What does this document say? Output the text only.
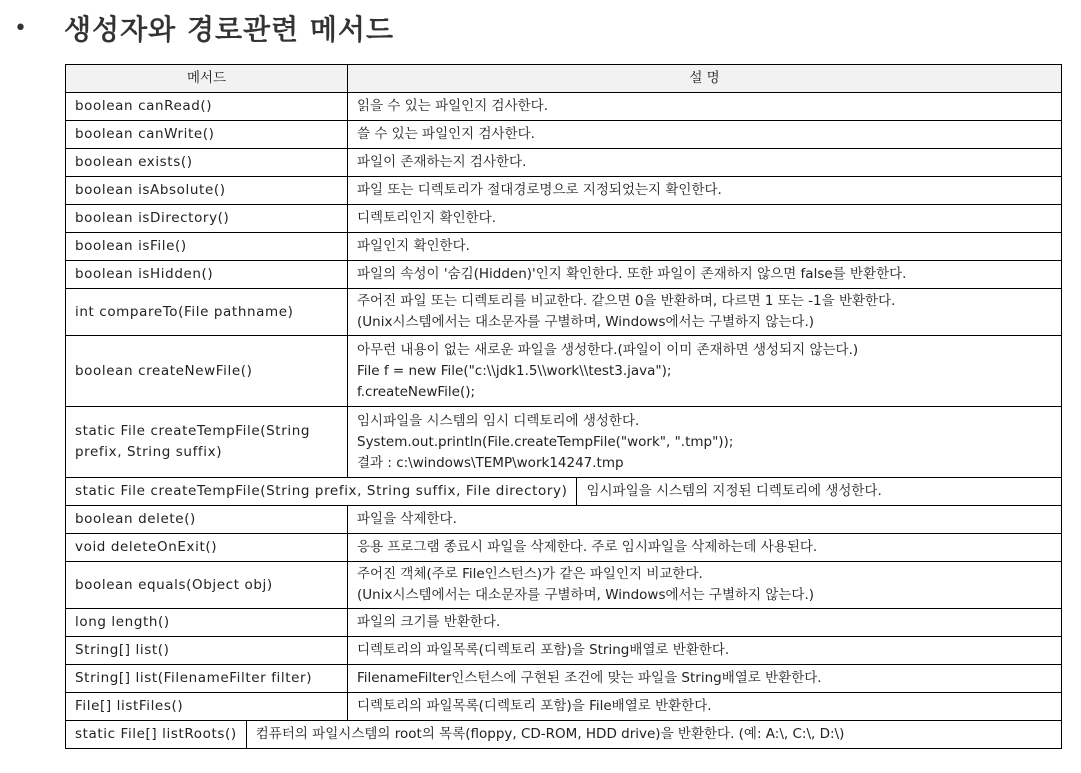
•	생성자와 경로관련 메서드
메서드	설 명
boolean canRead()	읽을 수 있는 파일인지 검사한다.

boolean canWrite()	쓸 수 있는 파일인지 검사한다.

boolean exists()	파일이 존재하는지 검사한다.

boolean isAbsolute()	파일 또는 디렉토리가 절대경로명으로 지정되었는지 확인한다.

boolean isDirectory()	디렉토리인지 확인한다.

boolean isFile()	파일인지 확인한다.

boolean isHidden()	파일의 속성이 '숨김(Hidden)'인지 확인한다. 또한 파일이 존재하지 않으면 false를 반환한다.

int compareTo(File pathname)	주어진 파일 또는 디렉토리를 비교한다. 같으면 0을 반환하며, 다르면 1 또는 -1을 반환한다.
(Unix시스템에서는 대소문자를 구별하며, Windows에서는 구별하지 않는다.)

boolean createNewFile()	아무런 내용이 없는 새로운 파일을 생성한다.(파일이 이미 존재하면 생성되지 않는다.)
File f = new File("c:\\jdk1.5\\work\\test3.java");
f.createNewFile();

static File createTempFile(String prefix, String suffix)	임시파일을 시스템의 임시 디렉토리에 생성한다.
System.out.println(File.createTempFile("work", ".tmp"));
결과 : c:\windows\TEMP\work14247.tmp

static File createTempFile(String prefix, String suffix, File directory) 임시파일을 시스템의 지정된 디렉토리에 생성한다.	

boolean delete()	파일을 삭제한다.

void deleteOnExit()	응용 프로그램 종료시 파일을 삭제한다. 주로 임시파일을 삭제하는데 사용된다.

boolean equals(Object obj)	주어진 객체(주로 File인스턴스)가 같은 파일인지 비교한다.
(Unix시스템에서는 대소문자를 구별하며, Windows에서는 구별하지 않는다.)

long length()	파일의 크기를 반환한다.

String[] list()	디렉토리의 파일목록(디렉토리 포함)을 String배열로 반환한다.

String[] list(FilenameFilter filter)	FilenameFilter인스턴스에 구현된 조건에 맞는 파일을 String배열로 반환한다.

File[] listFiles()	디렉토리의 파일목록(디렉토리 포함)을 File배열로 반환한다.

static File[] listRoots() 컴퓨터의 파일시스템의 root의 목록(floppy, CD-ROM, HDD drive)을 반환한다. (예: A:\, C:\, D:\)	
